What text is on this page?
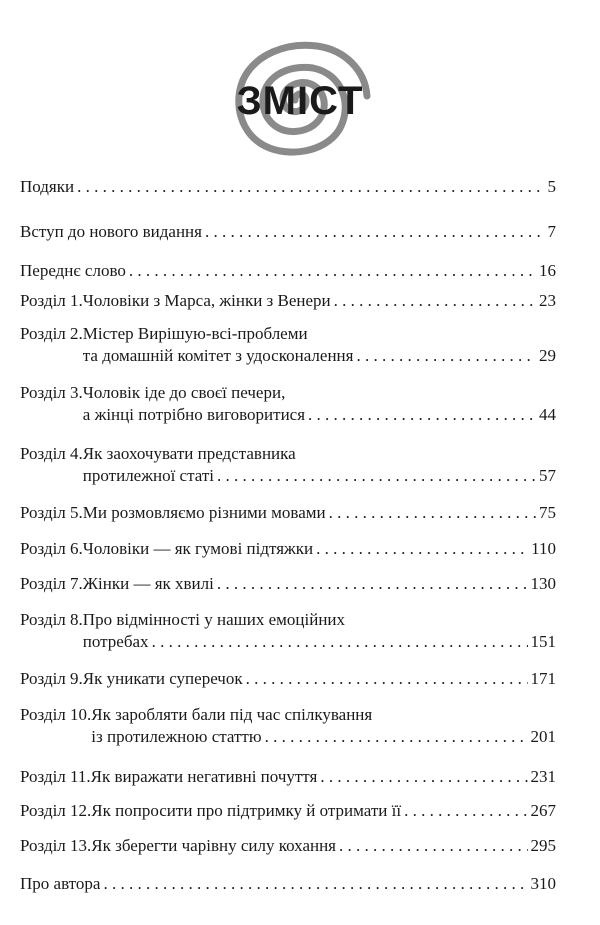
ЗМІСТ
Подяки . . .	5
Вступ до нового видання . . .	7
Переднє слово . . .	16
Розділ 1. Чоловіки з Марса, жінки з Венери . . .	23
Розділ 2. Містер Вирішую-всі-проблеми
та домашній комітет з удосконалення . . .	29
Розділ 3. Чоловік іде до своєї печери,
а жінці потрібно виговоритися . . .	44
Розділ 4. Як заохочувати представника
протилежної статі . . .	57
Розділ 5. Ми розмовляємо різними мовами . . .	75
Розділ 6. Чоловіки — як гумові підтяжки . . .	110
Розділ 7. Жінки — як хвилі . . .	130
Розділ 8. Про відмінності у наших емоційних
потребах . . .	151
Розділ 9. Як уникати суперечок . . .	171
Розділ 10. Як заробляти бали під час спілкування
із протилежною статтю . . .	201
Розділ 11. Як виражати негативні почуття . . .	231
Розділ 12. Як попросити про підтримку й отримати її . . .	267
Розділ 13. Як зберегти чарівну силу кохання . . .	295
Про автора . . .	310
